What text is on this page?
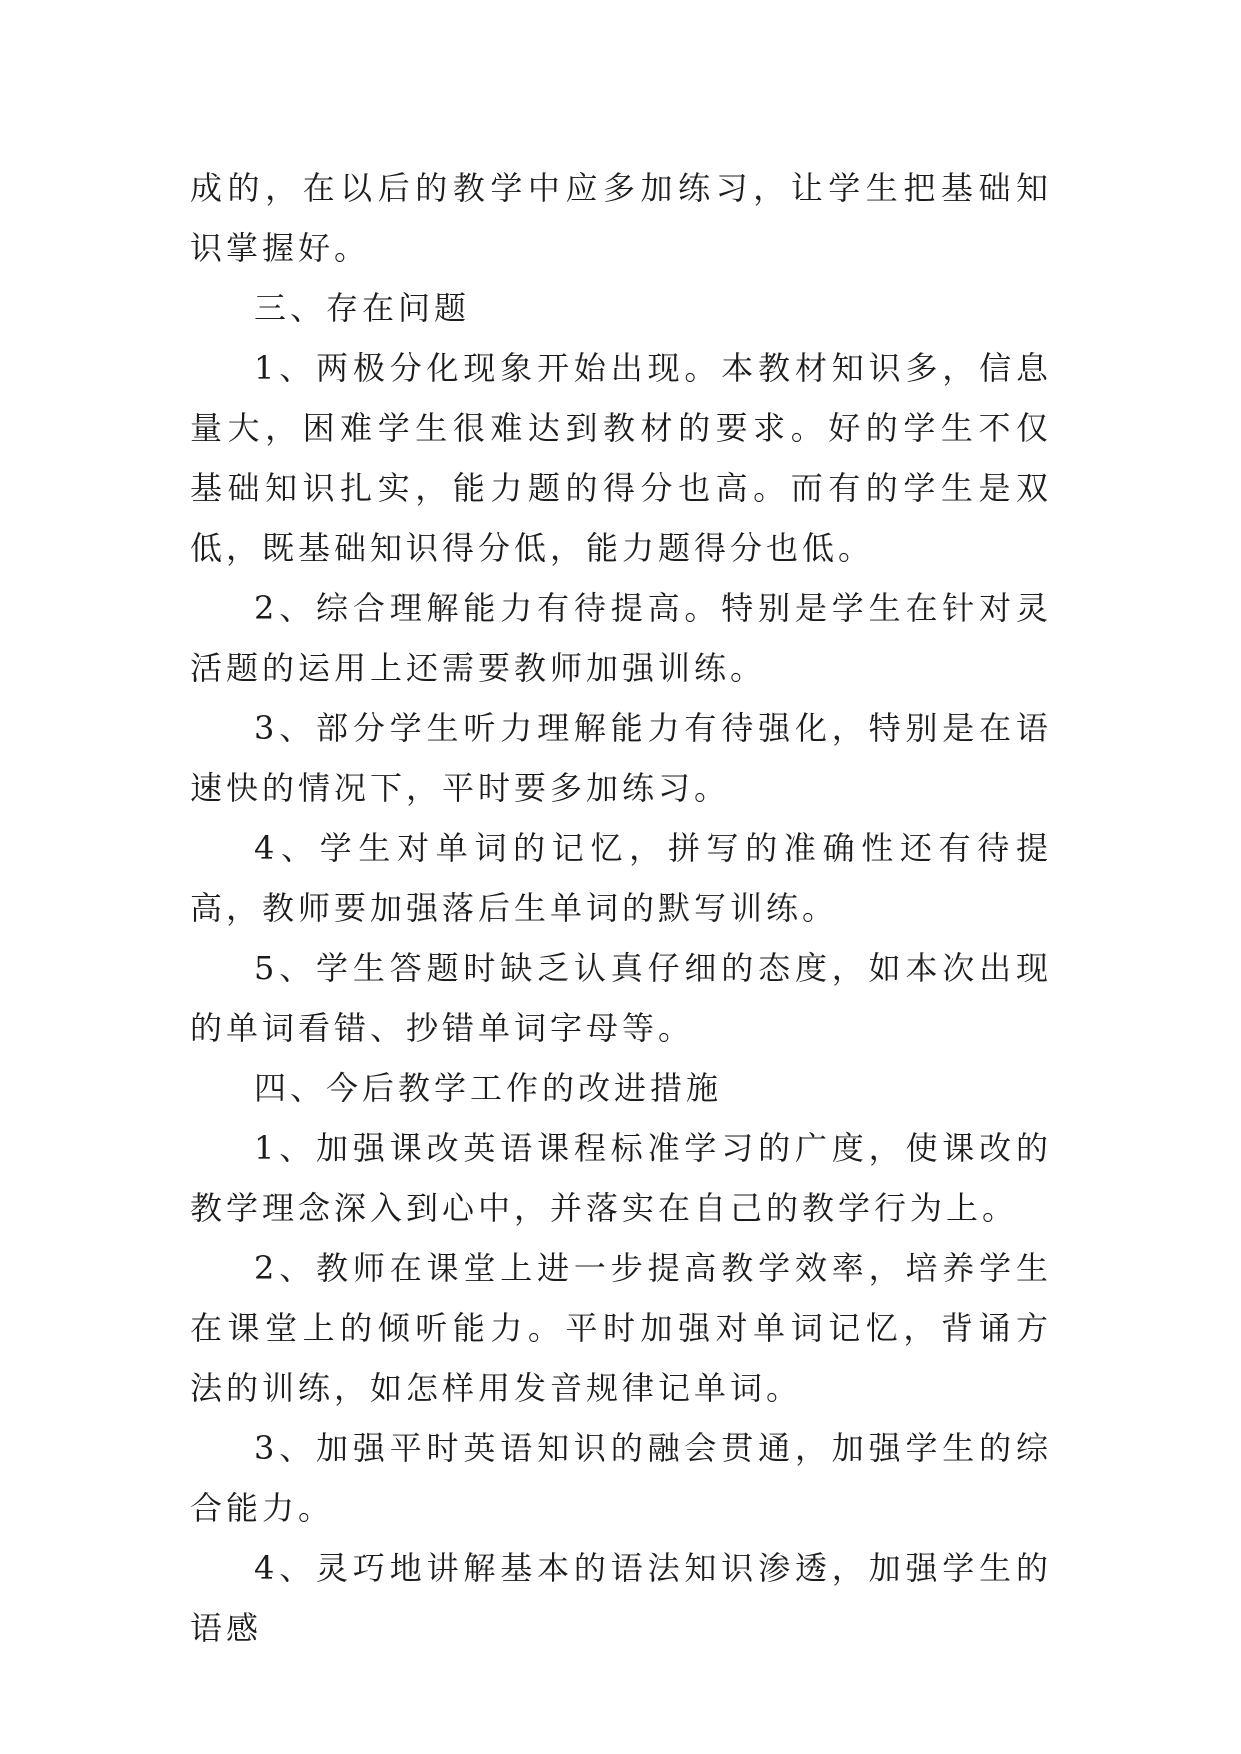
成的，在以后的教学中应多加练习，让学生把基础知识掌握好。

三、存在问题

1、两极分化现象开始出现。本教材知识多，信息量大，困难学生很难达到教材的要求。好的学生不仅基础知识扎实，能力题的得分也高。而有的学生是双低，既基础知识得分低，能力题得分也低。

2、综合理解能力有待提高。特别是学生在针对灵活题的运用上还需要教师加强训练。

3、部分学生听力理解能力有待强化，特别是在语速快的情况下，平时要多加练习。

4、学生对单词的记忆，拼写的准确性还有待提高，教师要加强落后生单词的默写训练。

5、学生答题时缺乏认真仔细的态度，如本次出现的单词看错、抄错单词字母等。

四、今后教学工作的改进措施

1、加强课改英语课程标准学习的广度，使课改的教学理念深入到心中，并落实在自己的教学行为上。

2、教师在课堂上进一步提高教学效率，培养学生在课堂上的倾听能力。平时加强对单词记忆，背诵方法的训练，如怎样用发音规律记单词。

3、加强平时英语知识的融会贯通，加强学生的综合能力。

4、灵巧地讲解基本的语法知识渗透，加强学生的语感
